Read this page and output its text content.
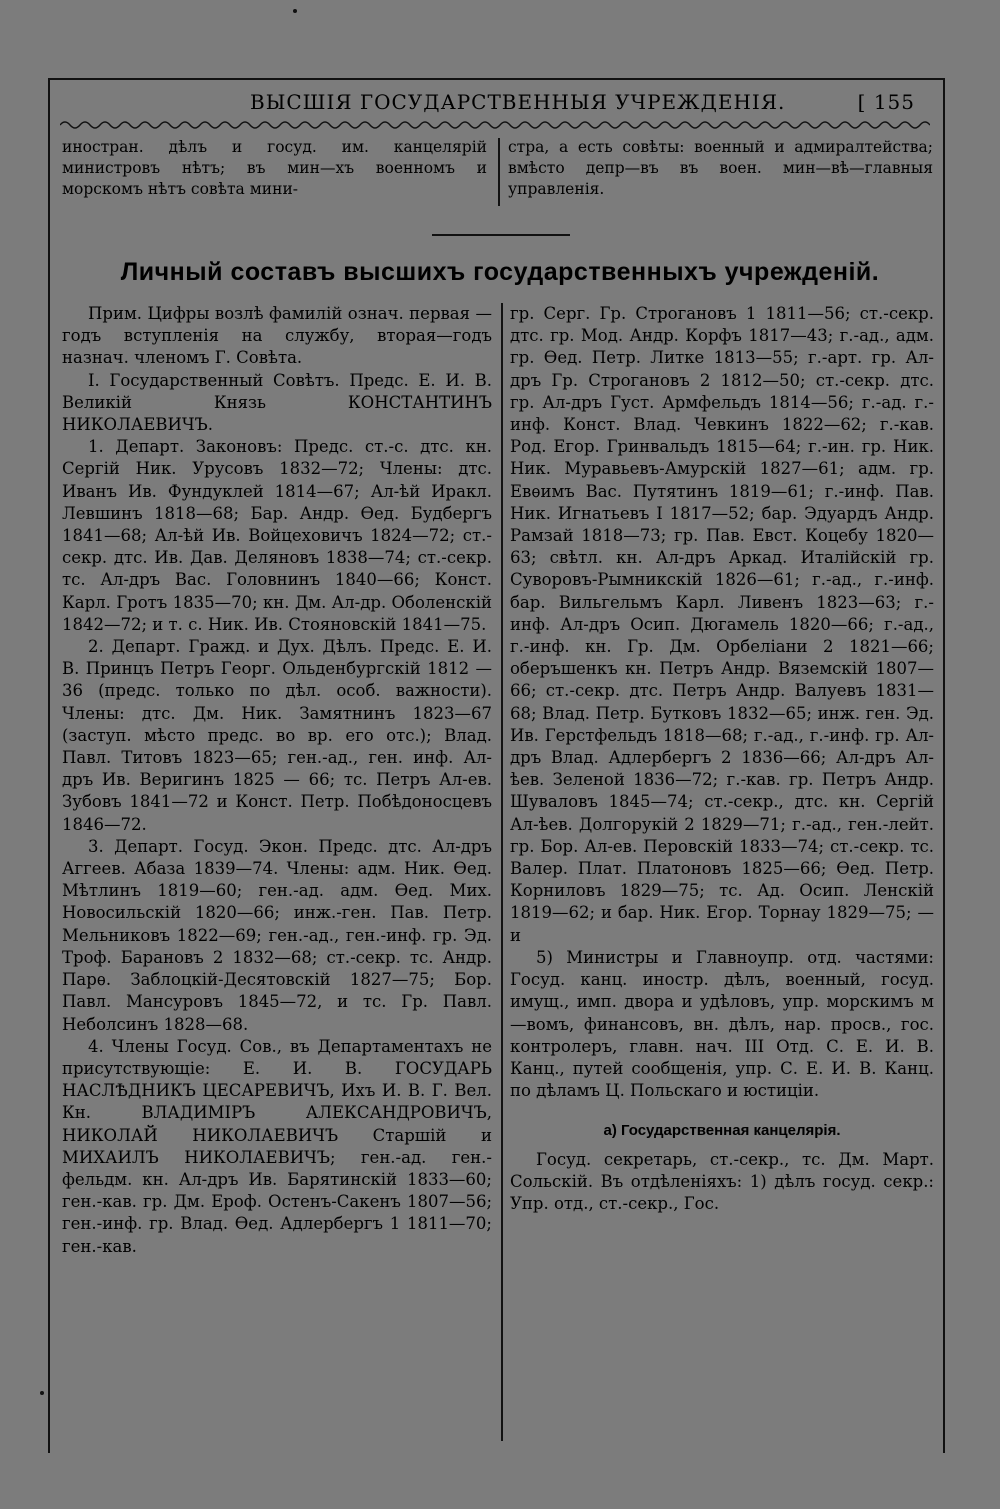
ВЫСШІЯ ГОСУДАРСТВЕННЫЯ УЧРЕЖДЕНІЯ.	[ 155
иностран. дѣлъ и госуд. им. канцелярій министровъ нѣтъ; въ мин—хъ военномъ и морскомъ нѣтъ совѣта мини-
стра, а есть совѣты: военный и адмиралтейства; вмѣсто депр—въ въ воен. мин—вѣ—главныя управленія.
Личный составъ высшихъ государственныхъ учрежденій.

Прим. Цифры возлѣ фамилій означ. первая — годъ вступленія на службу, вторая—годъ назнач. членомъ Г. Совѣта.

I. Государственный Совѣтъ. Предс. Е. И. В. Великій Князь КОНСТАНТИНЪ НИКОЛАЕВИЧЪ.

1. Департ. Законовъ: Предс. ст.-с. дтс. кн. Сергій Ник. Урусовъ 1832—72; Члены: дтс. Иванъ Ив. Фундуклей 1814—67; Ал-ѣй Иракл. Левшинъ 1818—68; Бар. Андр. Ѳед. Будбергъ 1841—68; Ал-ѣй Ив. Войцеховичъ 1824—72; ст.-секр. дтс. Ив. Дав. Деляновъ 1838—74; ст.-секр. тс. Ал-дръ Вас. Головнинъ 1840—66; Конст. Карл. Гротъ 1835—70; кн. Дм. Ал-др. Оболенскій 1842—72; и т. с. Ник. Ив. Стояновскій 1841—75.

2. Департ. Гражд. и Дух. Дѣлъ. Предс. Е. И. В. Принцъ Петръ Георг. Ольденбургскій 1812 — 36 (предс. только по дѣл. особ. важности). Члены: дтс. Дм. Ник. Замятнинъ 1823—67 (заступ. мѣсто предс. во вр. его отс.); Влад. Павл. Титовъ 1823—65; ген.-ад., ген. инф. Ал-дръ Ив. Веригинъ 1825 — 66; тс. Петръ Ал-ев. Зубовъ 1841—72 и Конст. Петр. Побѣдоносцевъ 1846—72.

3. Департ. Госуд. Экон. Предс. дтс. Ал-дръ Аггеев. Абаза 1839—74. Члены: адм. Ник. Ѳед. Мѣтлинъ 1819—60; ген.-ад. адм. Ѳед. Мих. Новосильскій 1820—66; инж.-ген. Пав. Петр. Мельниковъ 1822—69; ген.-ад., ген.-инф. гр. Эд. Троф. Барановъ 2 1832—68; ст.-секр. тс. Андр. Парѳ. Заблоцкій-Десятовскій 1827—75; Бор. Павл. Мансуровъ 1845—72, и тс. Гр. Павл. Неболсинъ 1828—68.

4. Члены Госуд. Сов., въ Департаментахъ не присутствующіе: Е. И. В. ГОСУДАРЬ НАСЛѢДНИКЪ ЦЕСАРЕВИЧЪ, Ихъ И. В. Г. Вел. Кн. ВЛАДИМІРЪ АЛЕКСАНДРОВИЧЪ, НИКОЛАЙ НИКОЛАЕВИЧЪ Старшій и МИХАИЛЪ НИКОЛАЕВИЧЪ; ген.-ад. ген.-фельдм. кн. Ал-дръ Ив. Барятинскій 1833—60; ген.-кав. гр. Дм. Ероф. Остенъ-Сакенъ 1807—56; ген.-инф. гр. Влад. Ѳед. Адлербергъ 1 1811—70; ген.-кав.

гр. Серг. Гр. Строгановъ 1 1811—56; ст.-секр. дтс. гр. Мод. Андр. Корфъ 1817—43; г.-ад., адм. гр. Ѳед. Петр. Литке 1813—55; г.-арт. гр. Ал-дръ Гр. Строгановъ 2 1812—50; ст.-секр. дтс. гр. Ал-дръ Густ. Армфельдъ 1814—56; г.-ад. г.-инф. Конст. Влад. Чевкинъ 1822—62; г.-кав. Род. Егор. Гринвальдъ 1815—64; г.-ин. гр. Ник. Ник. Муравьевъ-Амурскій 1827—61; адм. гр. Евѳимъ Вас. Путятинъ 1819—61; г.-инф. Пав. Ник. Игнатьевъ I 1817—52; бар. Эдуардъ Андр. Рамзай 1818—73; гр. Пав. Евст. Коцебу 1820—63; свѣтл. кн. Ал-дръ Аркад. Италійскій гр. Суворовъ-Рымникскій 1826—61; г.-ад., г.-инф. бар. Вильгельмъ Карл. Ливенъ 1823—63; г.-инф. Ал-дръ Осип. Дюгамель 1820—66; г.-ад., г.-инф. кн. Гр. Дм. Орбеліани 2 1821—66; оберъшенкъ кн. Петръ Андр. Вяземскій 1807—66; ст.-секр. дтс. Петръ Андр. Валуевъ 1831—68; Влад. Петр. Бутковъ 1832—65; инж. ген. Эд. Ив. Герстфельдъ 1818—68; г.-ад., г.-инф. гр. Ал-дръ Влад. Адлербергъ 2 1836—66; Ал-дръ Ал-ѣев. Зеленой 1836—72; г.-кав. гр. Петръ Андр. Шуваловъ 1845—74; ст.-секр., дтс. кн. Сергій Ал-ѣев. Долгорукій 2 1829—71; г.-ад., ген.-лейт. гр. Бор. Ал-ев. Перовскій 1833—74; ст.-секр. тс. Валер. Плат. Платоновъ 1825—66; Ѳед. Петр. Корниловъ 1829—75; тс. Ад. Осип. Ленскій 1819—62; и бар. Ник. Егор. Торнау 1829—75; — и

5) Министры и Главноупр. отд. частями: Госуд. канц. иностр. дѣлъ, военный, госуд. имущ., имп. двора и удѣловъ, упр. морскимъ м—вомъ, финансовъ, вн. дѣлъ, нар. просв., гос. контролеръ, главн. нач. III Отд. С. Е. И. В. Канц., путей сообщенія, упр. С. Е. И. В. Канц. по дѣламъ Ц. Польскаго и юстиціи.

а) Государственная канцелярія.

Госуд. секретарь, ст.-секр., тс. Дм. Март. Сольскій. Въ отдѣленіяхъ: 1) дѣлъ госуд. секр.: Упр. отд., ст.-секр., Гос.
